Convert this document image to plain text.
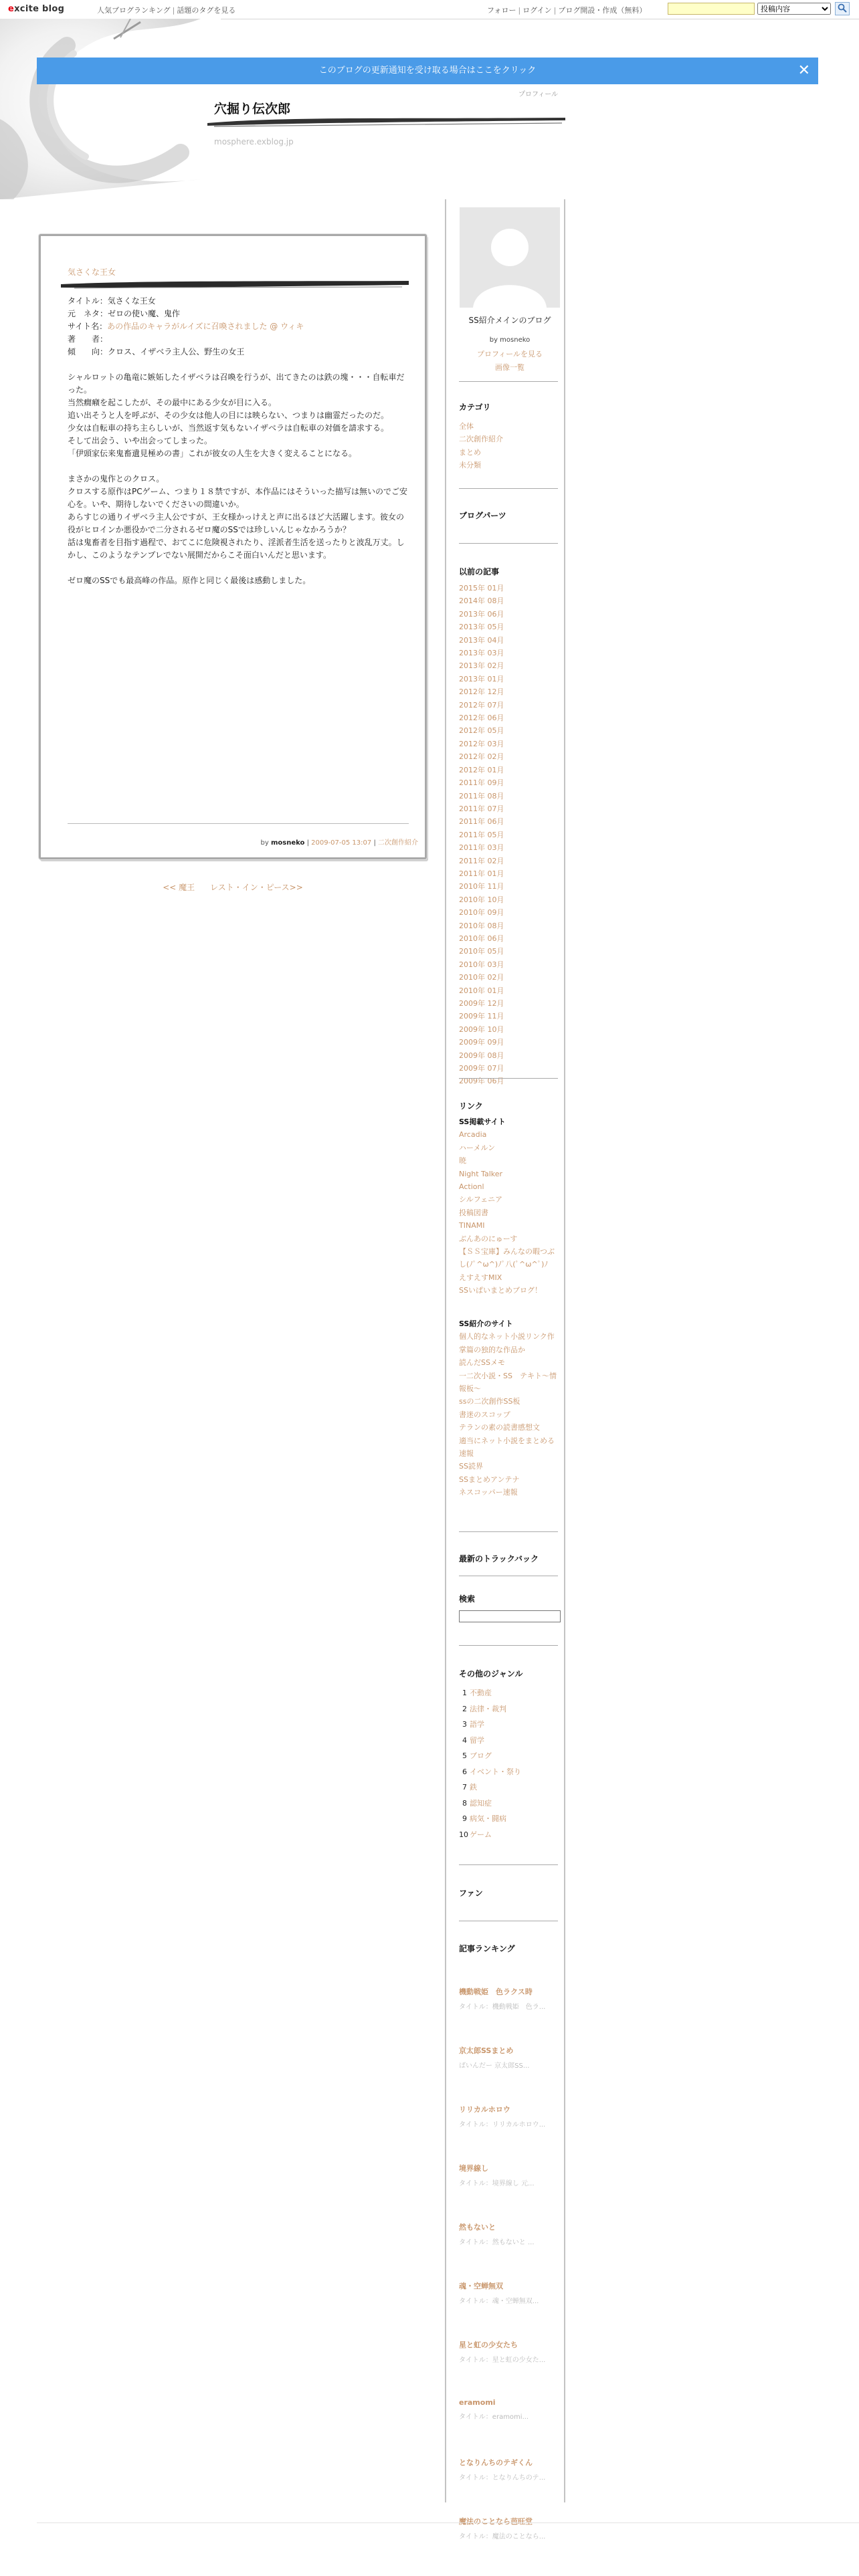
excite blog	人気ブログランキング | 話題のタグを見る	フォロー | ログイン | ブログ開設・作成（無料）
投稿内容
穴掘り伝次郎
mosphere.exblog.jp
プロフィール
このブログの更新通知を受け取る場合はここをクリック	✕
気さくな王女

タイトル：気さくな王女

元　ネタ：ゼロの使い魔、鬼作

サイト名：あの作品のキャラがルイズに召喚されました @ ウィキ

著　　者：

傾　　向：クロス、イザベラ主人公、野生の女王

シャルロットの亀竜に嫉妬したイザベラは召喚を行うが、出てきたのは鉄の塊・・・自転車だった。

当然癇癪を起こしたが、その最中にある少女が目に入る。

追い出そうと人を呼ぶが、その少女は他人の目には映らない、つまりは幽霊だったのだ。

少女は自転車の持ち主らしいが、当然返す気もないイザベラは自転車の対価を請求する。

そして出会う、いや出会ってしまった。

「伊頭家伝来鬼畜遺見極めの書」これが彼女の人生を大きく変えることになる。

まさかの鬼作とのクロス。

クロスする原作はPCゲーム、つまり１８禁ですが、本作品にはそういった描写は無いのでご安心を。いや、期待しないでくださいの間違いか。

あらすじの通りイザベラ主人公ですが、王女様かっけえと声に出るほど大活躍します。彼女の役がヒロインか悪役かで二分されるゼロ魔のSSでは珍しいんじゃなかろうか？

話は鬼畜者を目指す過程で、おてこに危険視されたり、淫派者生活を送ったりと波乱万丈。しかし、このようなテンプレでない展開だからこそ面白いんだと思います。

ゼロ魔のSSでも最高峰の作品。原作と同じく最後は感動しました。

by mosneko | 2009-07-05 13:07 | 二次創作紹介
<< 魔王 レスト・イン・ピース>>
SS紹介メインのブログ
by mosneko
プロフィールを見る
画像一覧
カテゴリ
全体
二次創作紹介
まとめ
未分類
ブログパーツ
以前の記事
2015年 01月
2014年 08月
2013年 06月
2013年 05月
2013年 04月
2013年 03月
2013年 02月
2013年 01月
2012年 12月
2012年 07月
2012年 06月
2012年 05月
2012年 03月
2012年 02月
2012年 01月
2011年 09月
2011年 08月
2011年 07月
2011年 06月
2011年 05月
2011年 03月
2011年 02月
2011年 01月
2010年 11月
2010年 10月
2010年 09月
2010年 08月
2010年 06月
2010年 05月
2010年 03月
2010年 02月
2010年 01月
2009年 12月
2009年 11月
2009年 10月
2009年 09月
2009年 08月
2009年 07月
2009年 06月
リンク
SS掲載サイト
Arcadia
ハーメルン
暁
Night Talker
Actionl
シルフェニア
投稿図書
TINAMI
ぶんあのにゅーす
【ＳＳ宝庫】みんなの暇つぶし(ﾉﾟ^ω^)ﾉﾟ八(ﾟ^ω^ﾟ)ﾉ
えすえすMIX
SSいぱいまとめブログ！
SS紹介のサイト
個人的なネット小説リンク作
掌篇の独的な作品か
読んだSSメモ
一二次小説・SS　テキト～情報板～
ssの二次創作SS板
書迷のスコップ
テランの素の読書感想文
適当にネット小説をまとめる速報
SS読界
SSまとめアンテナ
ネスコッパー速報
最新のトラックバック
検索
その他のジャンル
1 不動産
2 法律・裁判
3 語学
4 留学
5 ブログ
6 イベント・祭り
7 鉄
8 認知症
9 病気・闘病
10 ゲーム
ファン
記事ランキング
機動戦姫　色ラクス時
タイトル：機動戦姫　色ラ...
京太郎SSまとめ
ばいんだー 京太郎SS...
リリカルホロウ
タイトル：リリカルホロウ...
境界線し
タイトル：境界線し 元...
然もないと
タイトル：然もないと ...
魂・空蝉無双
タイトル：魂・空蝉無双...
星と虹の少女たち
タイトル：星と虹の少女た...
eramomi
タイトル：eramomi...
となりんちのテギくん
タイトル：となりんちのテ...
魔法のことなら芭旺堂
タイトル：魔法のことなら...
